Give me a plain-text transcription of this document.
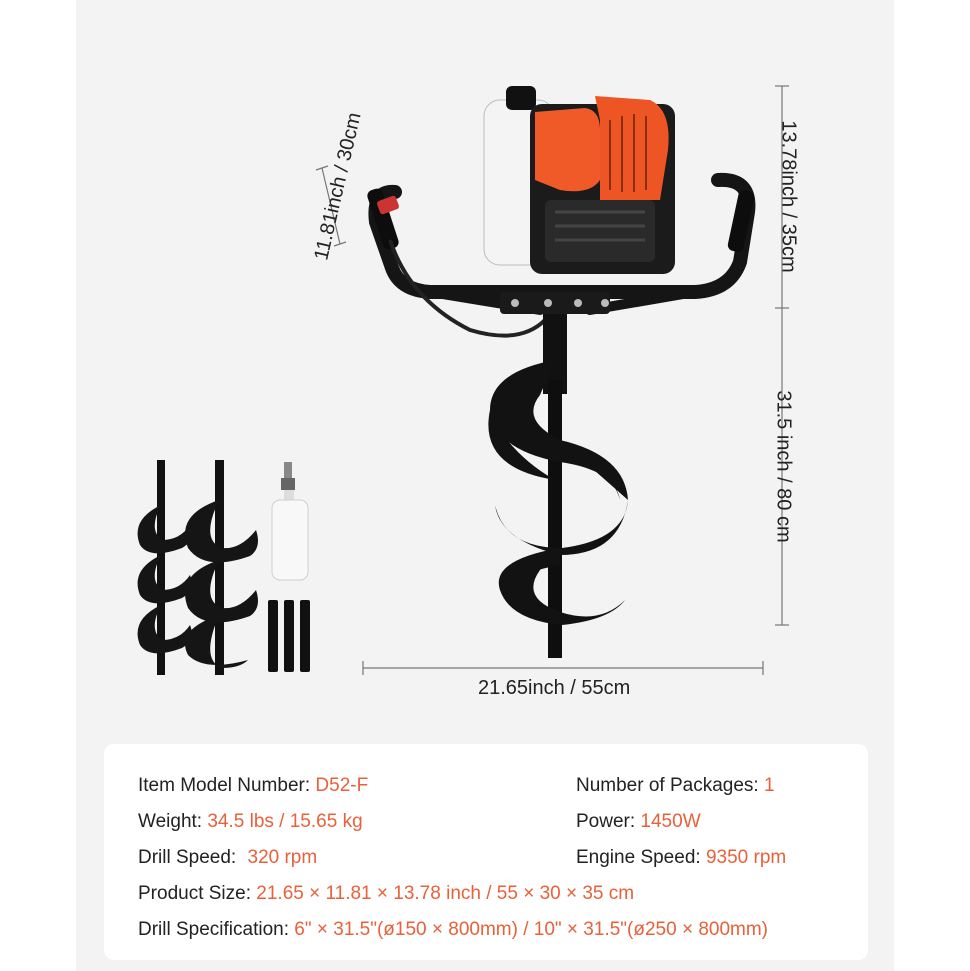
13.78inch / 35cm
31.5 inch / 80 cm
11.81inch / 30cm
21.65inch / 55cm
Item Model Number: D52-F	Number of Packages: 1
Weight: 34.5 lbs / 15.65 kg	Power: 1450W
Drill Speed: 320 rpm	Engine Speed: 9350 rpm
Product Size: 21.65 × 11.81 × 13.78 inch / 55 × 30 × 35 cm
Drill Specification: 6" × 31.5"(ø150 × 800mm) / 10" × 31.5"(ø250 × 800mm)
